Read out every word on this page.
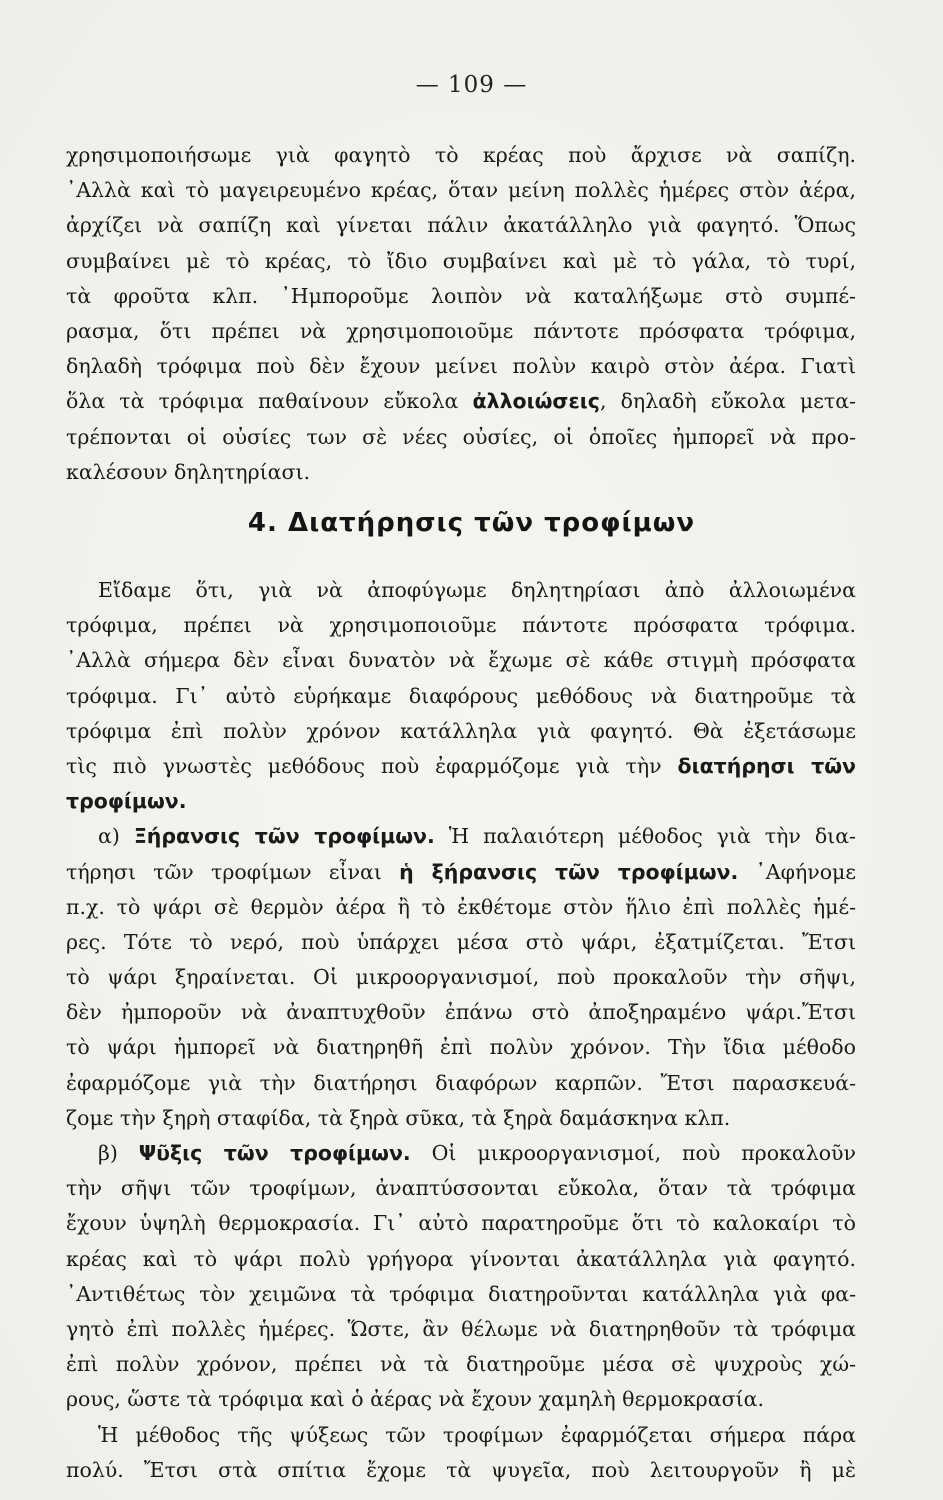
— 109 —
χρησιμοποιήσωμε γιὰ φαγητὸ τὸ κρέας ποὺ ἄρχισε νὰ σαπίζη.
᾿Αλλὰ καὶ τὸ μαγειρευμένο κρέας, ὅταν μείνη πολλὲς ἡμέρες στὸν ἀέρα,
ἀρχίζει νὰ σαπίζη καὶ γίνεται πάλιν ἀκατάλληλο γιὰ φαγητό. Ὅπως
συμβαίνει μὲ τὸ κρέας, τὸ ἴδιο συμβαίνει καὶ μὲ τὸ γάλα, τὸ τυρί,
τὰ φροῦτα κλπ. ᾿Ημποροῦμε λοιπὸν νὰ καταλήξωμε στὸ συμπέ-
ρασμα, ὅτι πρέπει νὰ χρησιμοποιοῦμε πάντοτε πρόσφατα τρόφιμα,
δηλαδὴ τρόφιμα ποὺ δὲν ἔχουν μείνει πολὺν καιρὸ στὸν ἀέρα. Γιατὶ
ὅλα τὰ τρόφιμα παθαίνουν εὔκολα ἀλλοιώσεις, δηλαδὴ εὔκολα μετα-
τρέπονται οἱ οὐσίες των σὲ νέες οὐσίες, οἱ ὁποῖες ἠμπορεῖ νὰ προ-
καλέσουν δηλητηρίασι.
4. Διατήρησις τῶν τροφίμων
Εἴδαμε ὅτι, γιὰ νὰ ἀποφύγωμε δηλητηρίασι ἀπὸ ἀλλοιωμένα
τρόφιμα, πρέπει νὰ χρησιμοποιοῦμε πάντοτε πρόσφατα τρόφιμα.
᾿Αλλὰ σήμερα δὲν εἶναι δυνατὸν νὰ ἔχωμε σὲ κάθε στιγμὴ πρόσφατα
τρόφιμα. Γι᾿ αὐτὸ εὑρήκαμε διαφόρους μεθόδους νὰ διατηροῦμε τὰ
τρόφιμα ἐπὶ πολὺν χρόνον κατάλληλα γιὰ φαγητό. Θὰ ἐξετάσωμε
τὶς πιὸ γνωστὲς μεθόδους ποὺ ἐφαρμόζομε γιὰ τὴν διατήρησι τῶν
τροφίμων.
α) Ξήρανσις τῶν τροφίμων. Ἡ παλαιότερη μέθοδος γιὰ τὴν δια-
τήρησι τῶν τροφίμων εἶναι ἡ ξήρανσις τῶν τροφίμων. ᾿Αφήνομε
π.χ. τὸ ψάρι σὲ θερμὸν ἀέρα ἢ τὸ ἐκθέτομε στὸν ἥλιο ἐπὶ πολλὲς ἡμέ-
ρες. Τότε τὸ νερό, ποὺ ὑπάρχει μέσα στὸ ψάρι, ἐξατμίζεται. Ἔτσι
τὸ ψάρι ξηραίνεται. Οἱ μικροοργανισμοί, ποὺ προκαλοῦν τὴν σῆψι,
δὲν ἠμποροῦν νὰ ἀναπτυχθοῦν ἐπάνω στὸ ἀποξηραμένο ψάρι.Ἔτσι
τὸ ψάρι ἠμπορεῖ νὰ διατηρηθῆ ἐπὶ πολὺν χρόνον. Τὴν ἴδια μέθοδο
ἐφαρμόζομε γιὰ τὴν διατήρησι διαφόρων καρπῶν. Ἔτσι παρασκευά-
ζομε τὴν ξηρὴ σταφίδα, τὰ ξηρὰ σῦκα, τὰ ξηρὰ δαμάσκηνα κλπ.
β) Ψῦξις τῶν τροφίμων. Οἱ μικροοργανισμοί, ποὺ προκαλοῦν
τὴν σῆψι τῶν τροφίμων, ἀναπτύσσονται εὔκολα, ὅταν τὰ τρόφιμα
ἔχουν ὑψηλὴ θερμοκρασία. Γι᾿ αὐτὸ παρατηροῦμε ὅτι τὸ καλοκαίρι τὸ
κρέας καὶ τὸ ψάρι πολὺ γρήγορα γίνονται ἀκατάλληλα γιὰ φαγητό.
᾿Αντιθέτως τὸν χειμῶνα τὰ τρόφιμα διατηροῦνται κατάλληλα γιὰ φα-
γητὸ ἐπὶ πολλὲς ἡμέρες. Ὥστε, ἂν θέλωμε νὰ διατηρηθοῦν τὰ τρόφιμα
ἐπὶ πολὺν χρόνον, πρέπει νὰ τὰ διατηροῦμε μέσα σὲ ψυχροὺς χώ-
ρους, ὥστε τὰ τρόφιμα καὶ ὁ ἀέρας νὰ ἔχουν χαμηλὴ θερμοκρασία.
Ἡ μέθοδος τῆς ψύξεως τῶν τροφίμων ἐφαρμόζεται σήμερα πάρα
πολύ. Ἔτσι στὰ σπίτια ἔχομε τὰ ψυγεῖα, ποὺ λειτουργοῦν ἢ μὲ
